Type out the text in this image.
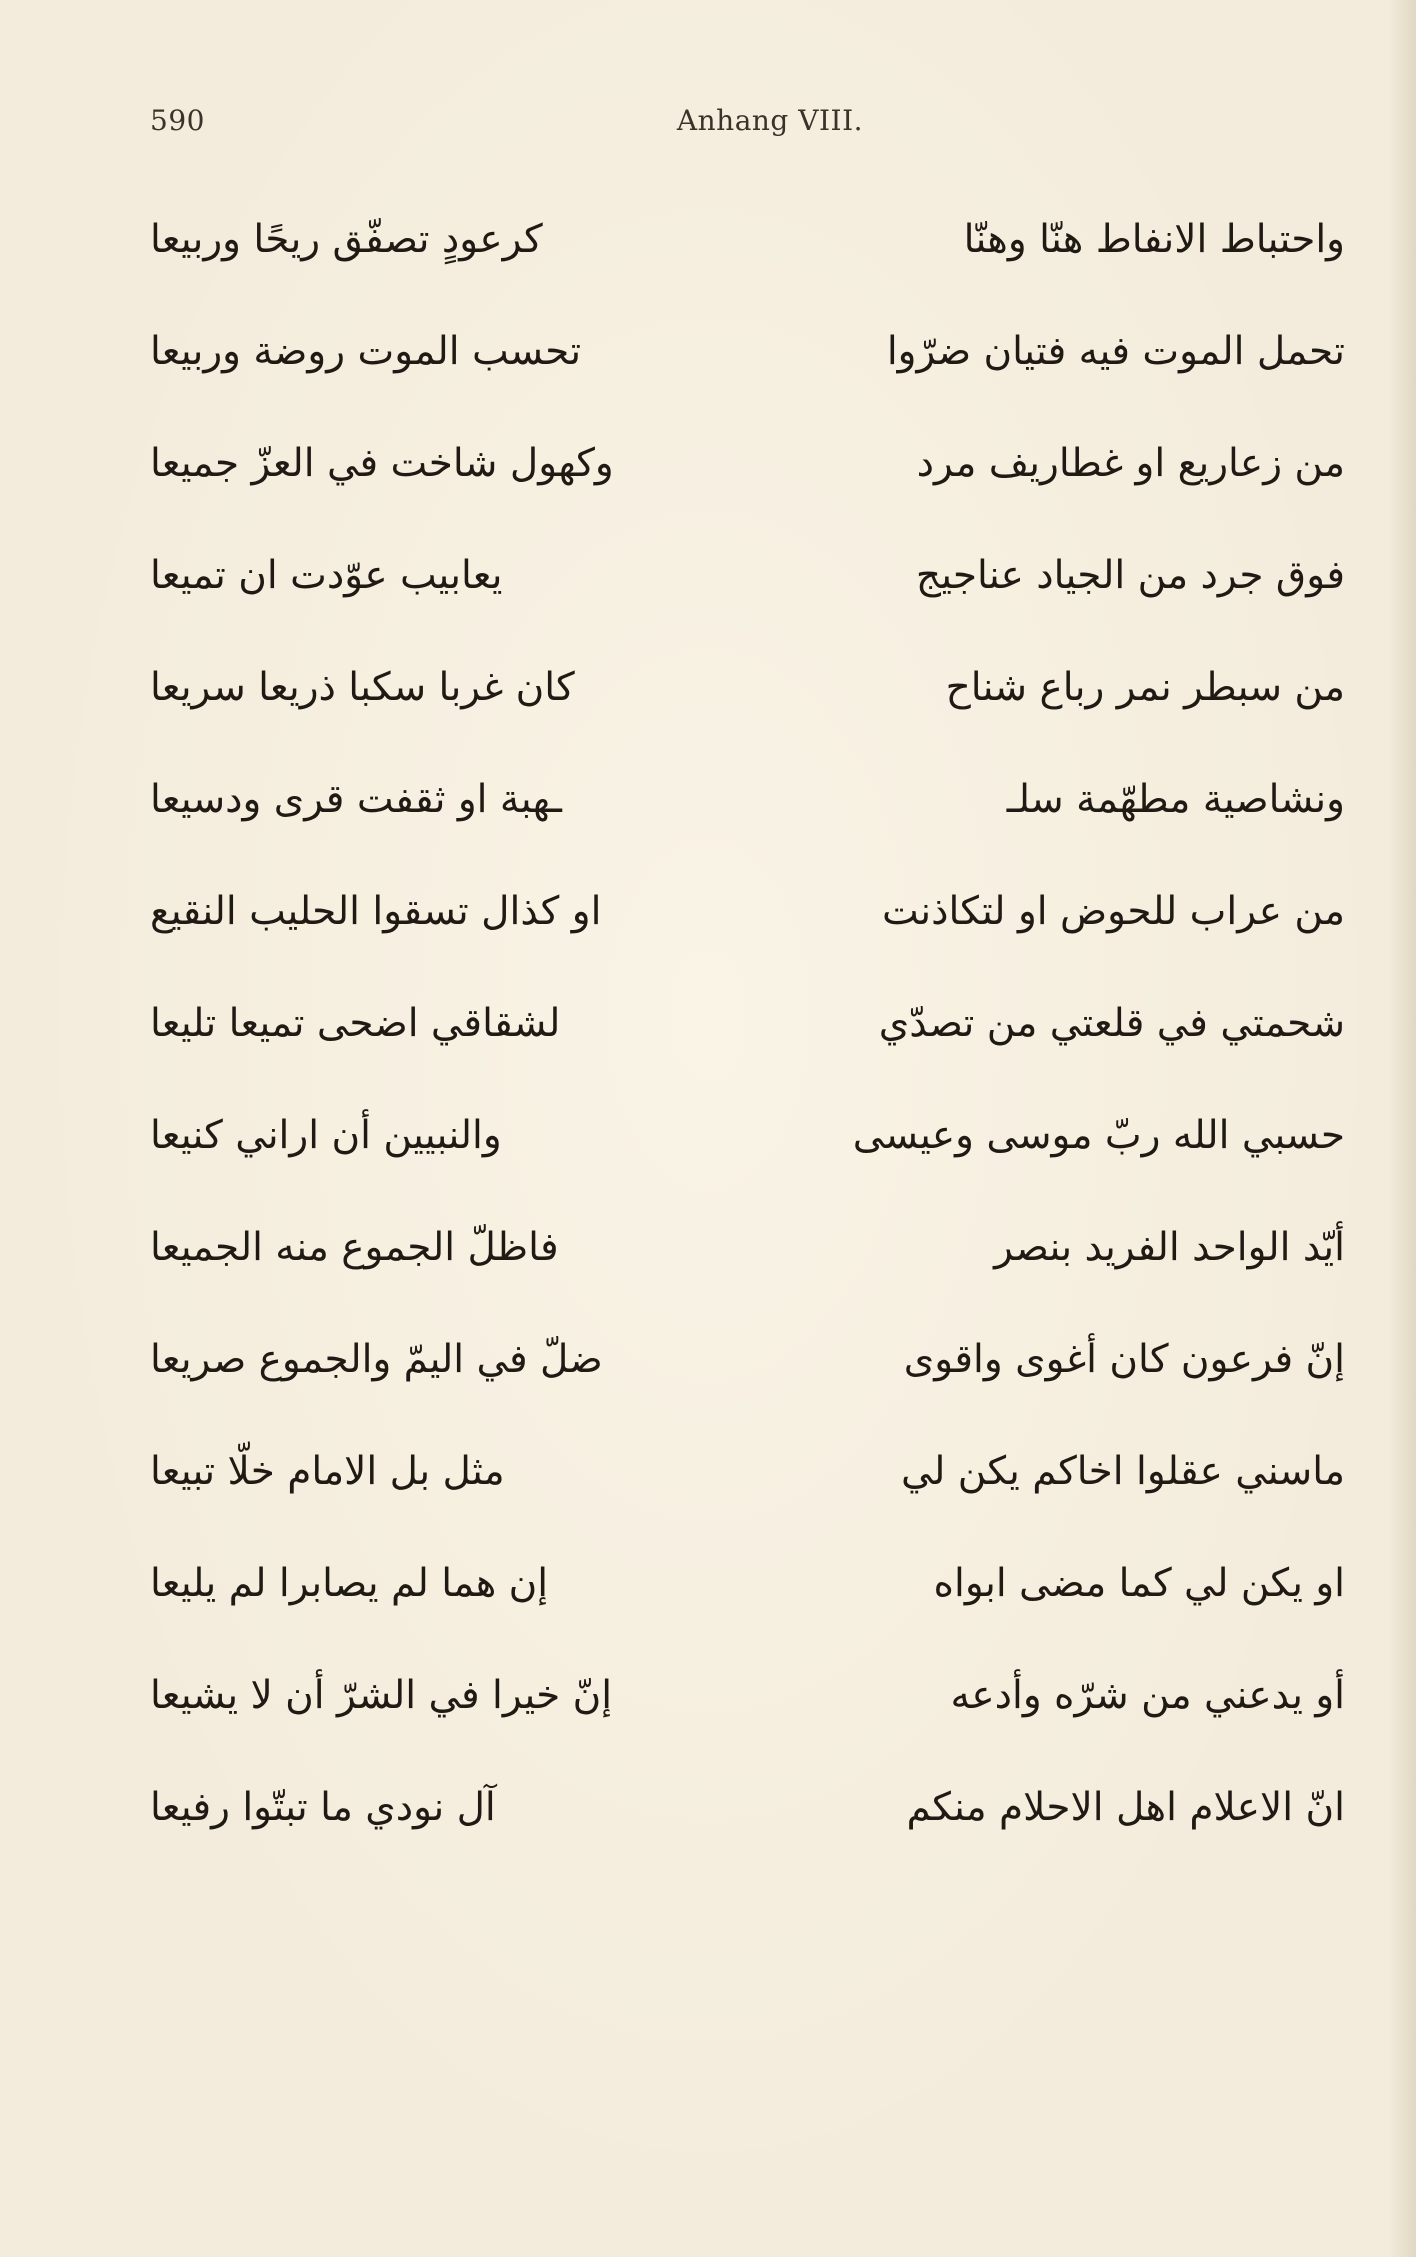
590	Anhang VIII.
واحتباط الانفاط هنّا وهنّا
كرعودٍ تصفّق ريحًا وربيعا
تحمل الموت فيه فتيان ضرّوا
تحسب الموت روضة وربيعا
من زعاريع او غطاريف مرد
وكهول شاخت في العزّ جميعا
فوق جرد من الجياد عناجيج
يعابيب عوّدت ان تميعا
من سبطر نمر رباع شناح
كان غربا سكبا ذريعا سريعا
ونشاصية مطهّمة سلـ
ـهبة او ثقفت قرى ودسيعا
من عراب للحوض او لتكاذنت
او كذال تسقوا الحليب النقيع
شحمتي في قلعتي من تصدّي
لشقاقي اضحى تميعا تليعا
حسبي الله ربّ موسى وعيسى
والنبيين أن اراني كنيعا
أيّد الواحد الفريد بنصر
فاظلّ الجموع منه الجميعا
إنّ فرعون كان أغوى واقوى
ضلّ في اليمّ والجموع صريعا
ماسني عقلوا اخاكم يكن لي
مثل بل الامام خلّا تبيعا
او يكن لي كما مضى ابواه
إن هما لم يصابرا لم يليعا
أو يدعني من شرّه وأدعه
إنّ خيرا في الشرّ أن لا يشيعا
انّ الاعلام اهل الاحلام منكم
آل نودي ما تبتّوا رفيعا
